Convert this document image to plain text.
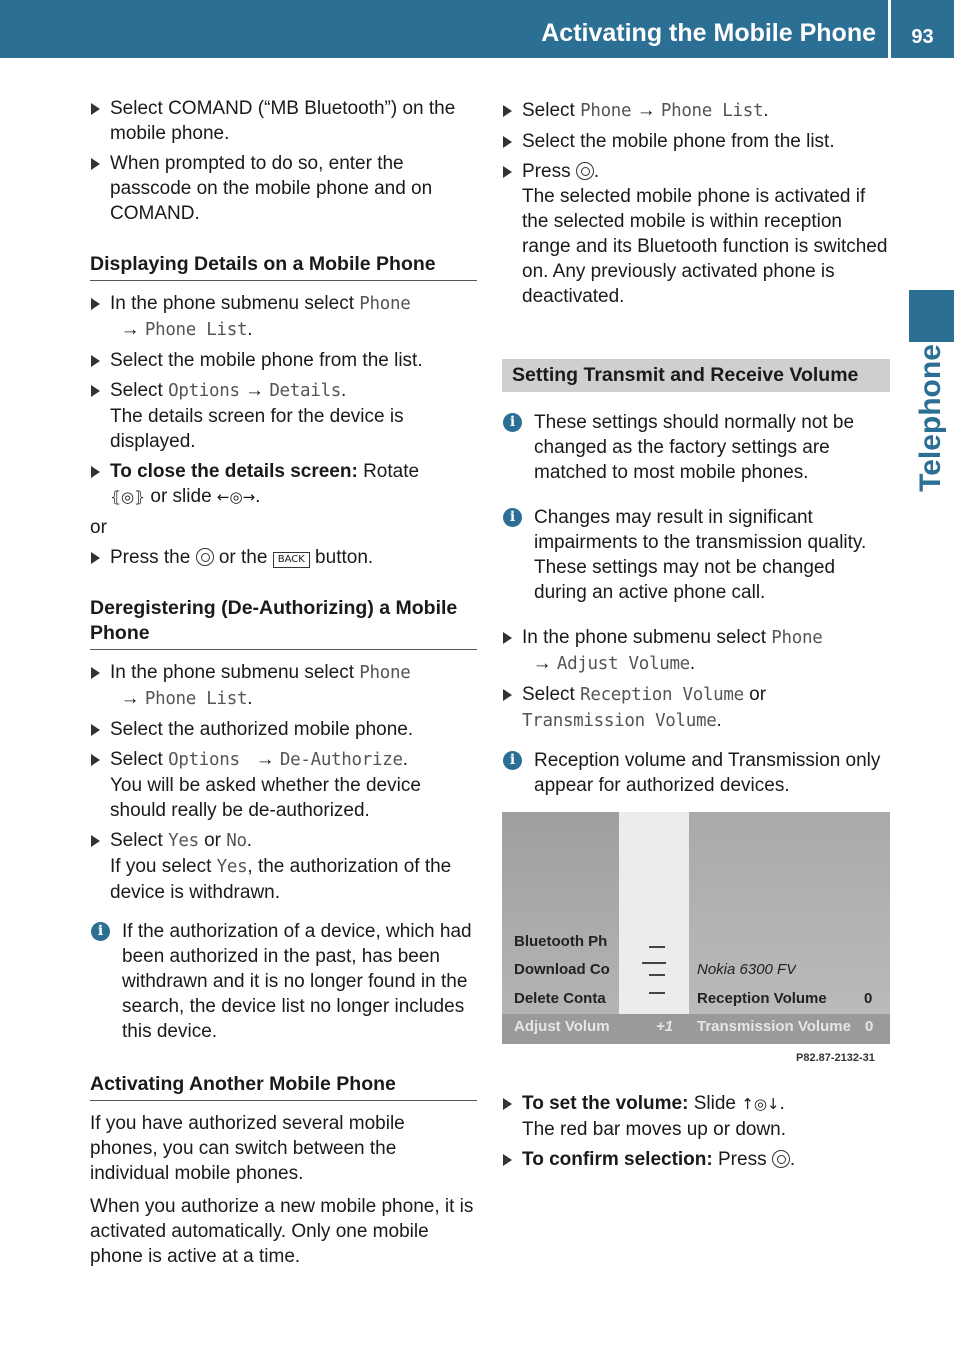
Activating the Mobile Phone	93
Telephone
Select COMAND (“MB Bluetooth”) on the mobile phone.
When prompted to do so, enter the passcode on the mobile phone and on COMAND.
Displaying Details on a Mobile Phone
In the phone submenu select Phone
→ Phone List.
Select the mobile phone from the list.
Select Options → Details.
The details screen for the device is displayed.
To close the details screen: Rotate
⦃◎⦄ or slide ←◎→.
or
Press the  or the BACK button.
Deregistering (De-Authorizing) a Mobile Phone
In the phone submenu select Phone
→ Phone List.
Select the authorized mobile phone.
Select Options → De-Authorize.
You will be asked whether the device should really be de-authorized.
Select Yes or No.
If you select Yes, the authorization of the device is withdrawn.
i If the authorization of a device, which had been authorized in the past, has been withdrawn and it is no longer found in the search, the device list no longer includes this device.
Activating Another Mobile Phone
If you have authorized several mobile phones, you can switch between the individual mobile phones.
When you authorize a new mobile phone, it is activated automatically. Only one mobile phone is active at a time.
Select Phone → Phone List.
Select the mobile phone from the list.
Press .
The selected mobile phone is activated if the selected mobile is within reception range and its Bluetooth function is switched on. Any previously activated phone is deactivated.
Setting Transmit and Receive Volume
i These settings should normally not be changed as the factory settings are matched to most mobile phones.
i Changes may result in significant impairments to the transmission quality. These settings may not be changed during an active phone call.
In the phone submenu select Phone
→ Adjust Volume.
Select Reception Volume or
Transmission Volume.
i Reception volume and Transmission only appear for authorized devices.
Bluetooth Ph
Download Co
Delete Conta
Adjust Volum	+1
Nokia 6300 FV
Reception Volume 0
Transmission Volume 0
P82.87-2132-31
To set the volume: Slide ↑◎↓.
The red bar moves up or down.
To confirm selection: Press .
